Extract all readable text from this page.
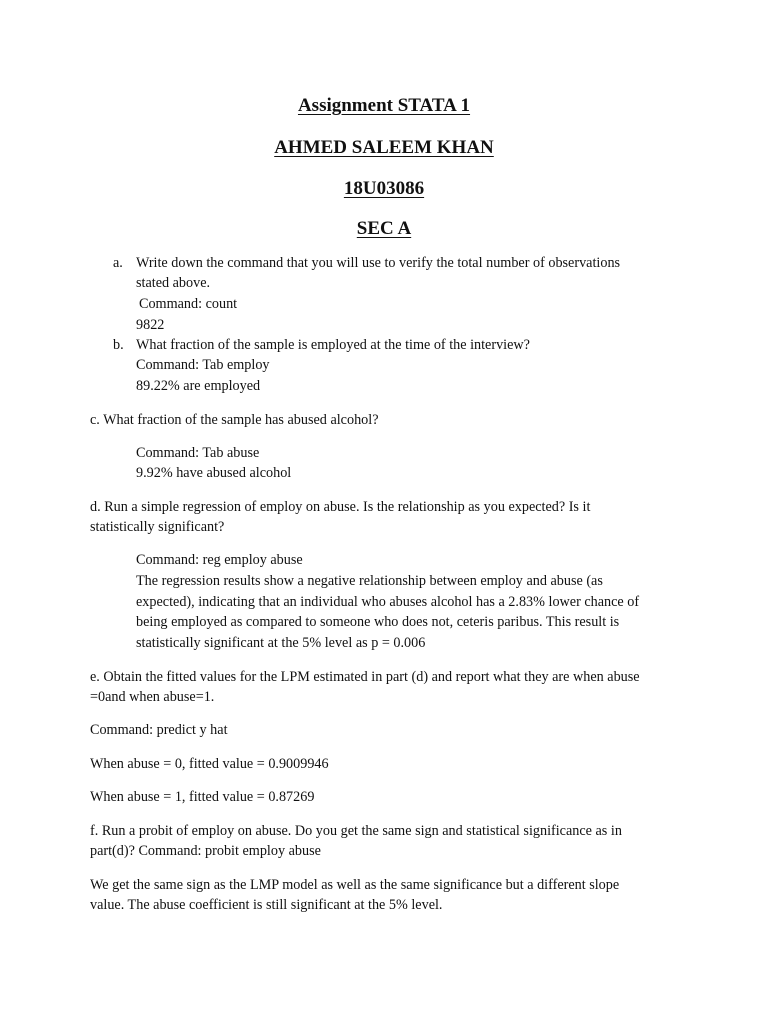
Assignment STATA 1
AHMED SALEEM KHAN
18U03086
SEC A
a. Write down the command that you will use to verify the total number of observations
stated above.
Command: count
9822
b. What fraction of the sample is employed at the time of the interview?
Command: Tab employ
89.22% are employed
c. What fraction of the sample has abused alcohol?
Command: Tab abuse
9.92% have abused alcohol
d. Run a simple regression of employ on abuse. Is the relationship as you expected? Is it
statistically significant?
Command: reg employ abuse
The regression results show a negative relationship between employ and abuse (as
expected), indicating that an individual who abuses alcohol has a 2.83% lower chance of
being employed as compared to someone who does not, ceteris paribus. This result is
statistically significant at the 5% level as p = 0.006
e. Obtain the fitted values for the LPM estimated in part (d) and report what they are when abuse
=0and when abuse=1.
Command: predict y hat
When abuse = 0, fitted value = 0.9009946
When abuse = 1, fitted value = 0.87269
f. Run a probit of employ on abuse. Do you get the same sign and statistical significance as in
part(d)? Command: probit employ abuse
We get the same sign as the LMP model as well as the same significance but a different slope
value. The abuse coefficient is still significant at the 5% level.
